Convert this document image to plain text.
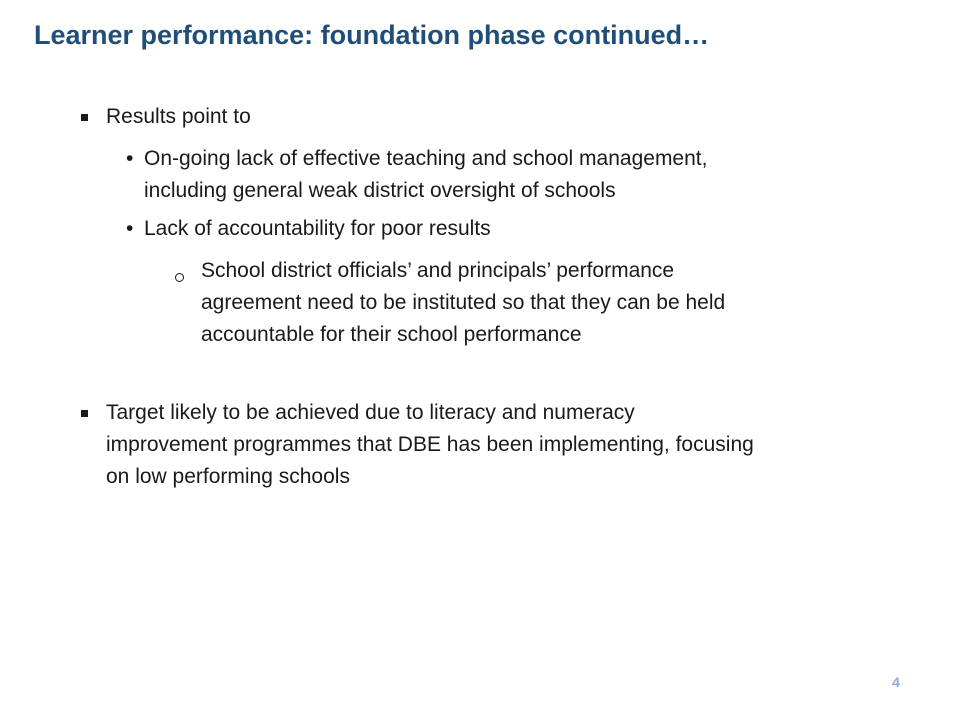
Learner performance: foundation phase continued…
Results point to
• On-going lack of effective teaching and school management,
including general weak district oversight of schools
• Lack of accountability for poor results
School district officials’ and principals’ performance
agreement need to be instituted so that they can be held
accountable for their school performance
Target likely to be achieved due to literacy and numeracy
improvement programmes that DBE has been implementing, focusing
on low performing schools
4
